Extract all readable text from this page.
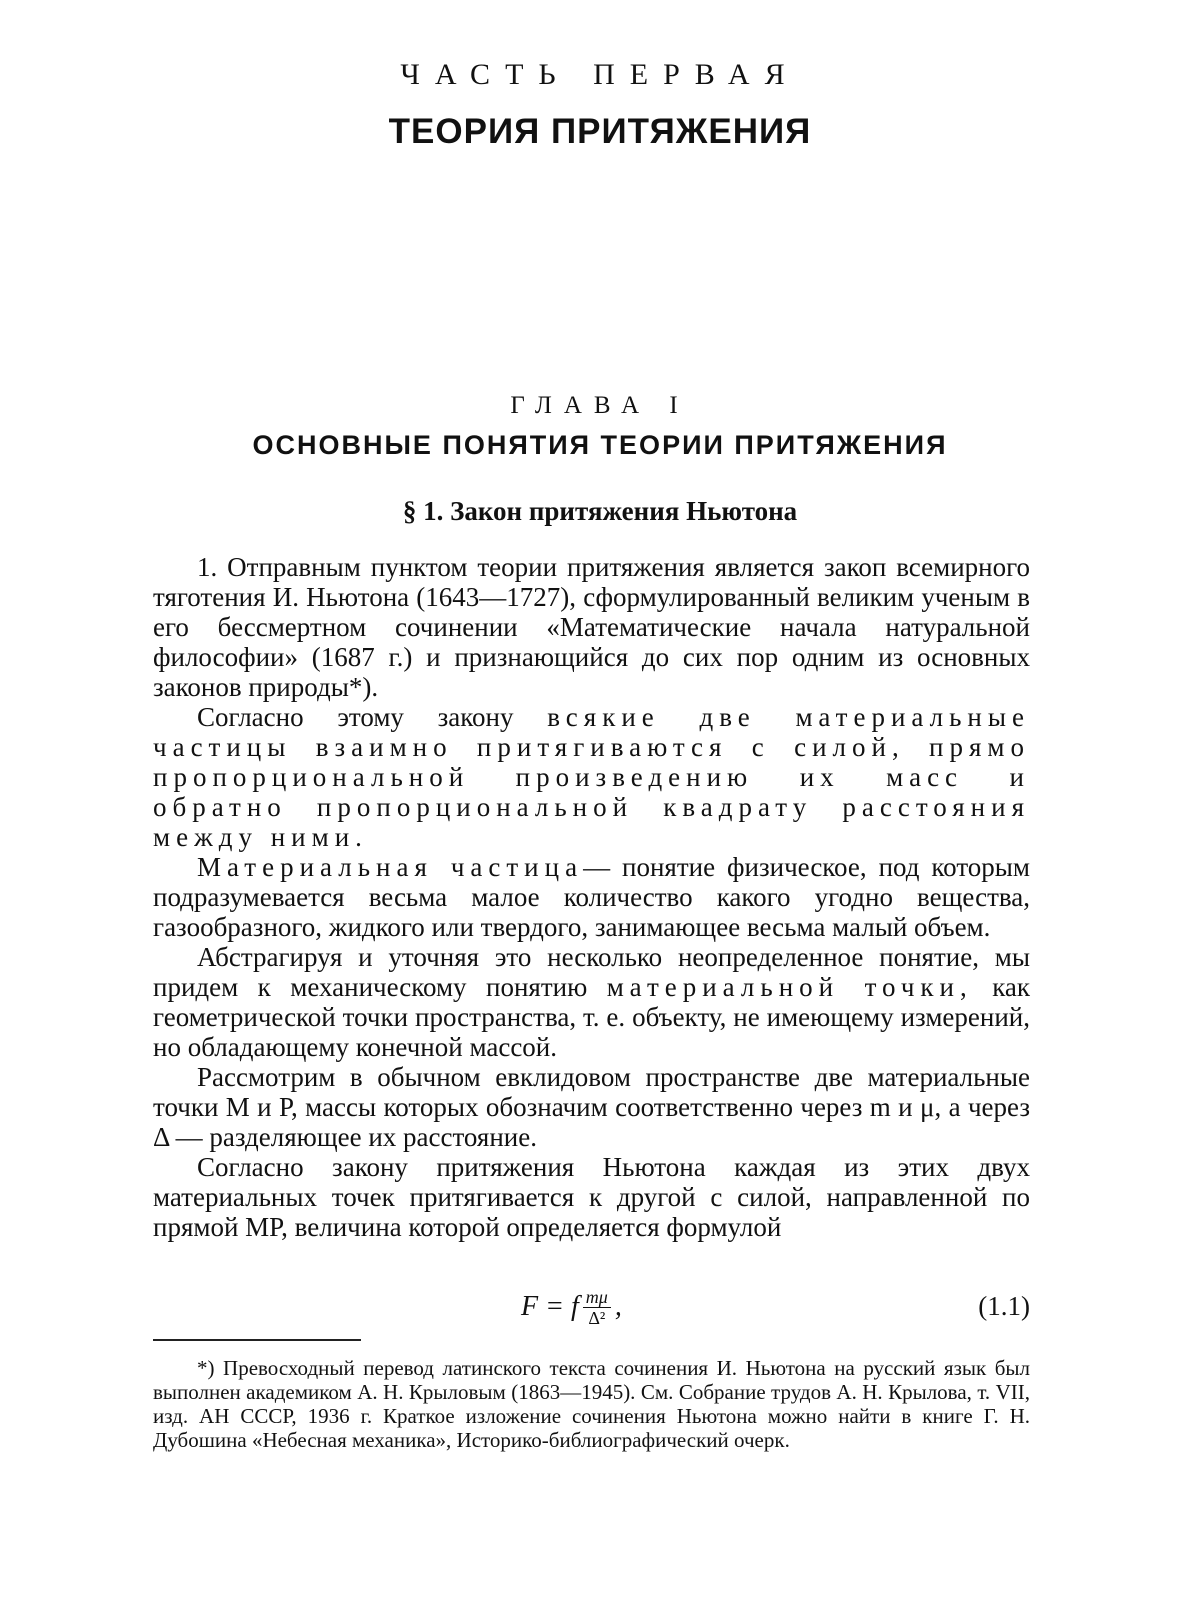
ЧАСТЬ ПЕРВАЯ
ТЕОРИЯ ПРИТЯЖЕНИЯ
ГЛАВА I
ОСНОВНЫЕ ПОНЯТИЯ ТЕОРИИ ПРИТЯЖЕНИЯ
§ 1. Закон притяжения Ньютона

1. Отправным пунктом теории притяжения является закоп всемирного тяготения И. Ньютона (1643—1727), сформулированный великим ученым в его бессмертном сочинении «Математические начала натуральной философии» (1687 г.) и признающийся до сих пор одним из основных законов природы*).

Согласно этому закону всякие две материальные частицы взаимно притягиваются с силой, прямо пропорциональной произведению их масс и обратно пропорциональной квадрату расстояния между ними.

Материальная частица— понятие физическое, под которым подразумевается весьма малое количество какого угодно вещества, газообразного, жидкого или твердого, занимающее весьма малый объем.

Абстрагируя и уточняя это несколько неопределенное понятие, мы придем к механическому понятию материальной точки, как геометрической точки пространства, т. е. объекту, не имеющему измерений, но обладающему конечной массой.

Рассмотрим в обычном евклидовом пространстве две материальные точки M и P, массы которых обозначим соответственно через m и μ, а через Δ — разделяющее их расстояние.

Согласно закону притяжения Ньютона каждая из этих двух материальных точек притягивается к другой с силой, направленной по прямой MP, величина которой определяется формулой

F = f $\frac{m\mu}{\text{Δ²}}$ ,	(1.1)

*) Превосходный перевод латинского текста сочинения И. Ньютона на русский язык был выполнен академиком А. Н. Крыловым (1863—1945). См. Собрание трудов А. Н. Крылова, т. VII, изд. АН СССР, 1936 г. Краткое изложение сочинения Ньютона можно найти в книге Г. Н. Дубошина «Небесная механика», Историко-библиографический очерк.
